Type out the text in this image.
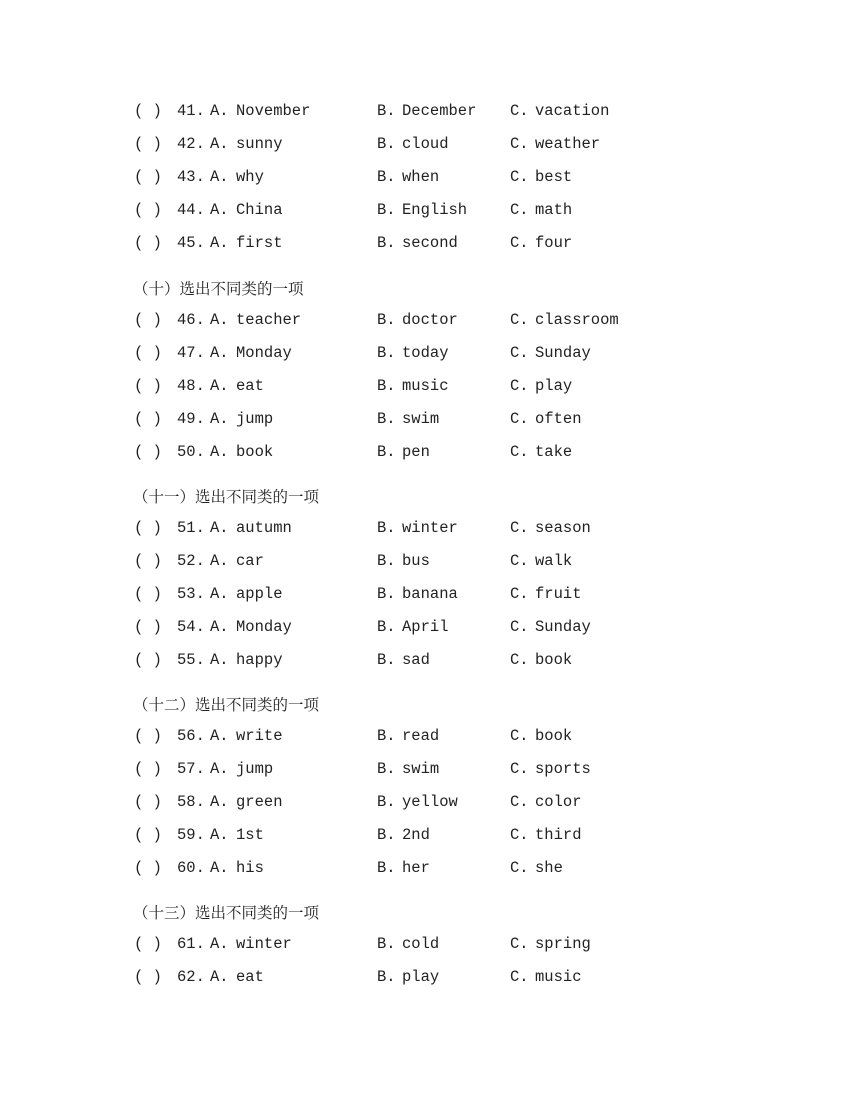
( ) 41. A. November	B. December C. vacation
( ) 42. A. sunny	B. cloud	C. weather
( ) 43. A. why	B. when	C. best
( ) 44. A. China	B. English	C. math
( ) 45. A. first	B. second	C. four
（十）选出不同类的一项
( ) 46. A. teacher	B. doctor	C. classroom
( ) 47. A. Monday	B. today	C. Sunday
( ) 48. A. eat	B. music	C. play
( ) 49. A. jump	B. swim	C. often
( ) 50. A. book	B. pen	C. take
（十一）选出不同类的一项
( ) 51. A. autumn	B. winter	C. season
( ) 52. A. car	B. bus	C. walk
( ) 53. A. apple	B. banana	C. fruit
( ) 54. A. Monday	B. April	C. Sunday
( ) 55. A. happy	B. sad	C. book
（十二）选出不同类的一项
( ) 56. A. write	B. read	C. book
( ) 57. A. jump	B. swim	C. sports
( ) 58. A. green	B. yellow	C. color
( ) 59. A. 1st	B. 2nd	C. third
( ) 60. A. his	B. her	C. she
（十三）选出不同类的一项
( ) 61. A. winter	B. cold	C. spring
( ) 62. A. eat	B. play	C. music
